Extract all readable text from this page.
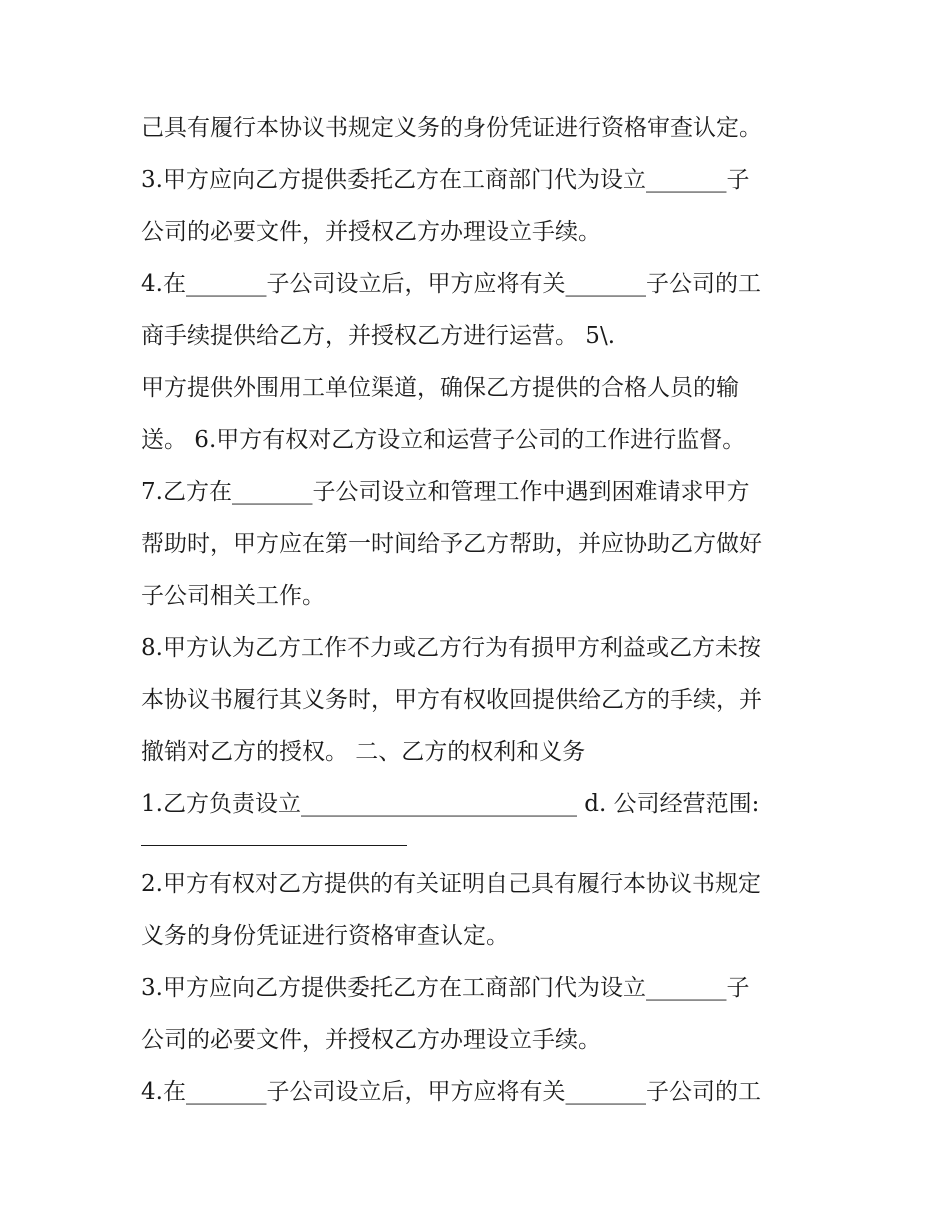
己具有履行本协议书规定义务的身份凭证进行资格审查认定。
3.甲方应向乙方提供委托乙方在工商部门代为设立_______子
公司的必要文件，并授权乙方办理设立手续。
4.在_______子公司设立后，甲方应将有关_______子公司的工
商手续提供给乙方，并授权乙方进行运营。 5\.
甲方提供外围用工单位渠道，确保乙方提供的合格人员的输
送。 6.甲方有权对乙方设立和运营子公司的工作进行监督。
7.乙方在_______子公司设立和管理工作中遇到困难请求甲方
帮助时，甲方应在第一时间给予乙方帮助，并应协助乙方做好
子公司相关工作。
8.甲方认为乙方工作不力或乙方行为有损甲方利益或乙方未按
本协议书履行其义务时，甲方有权收回提供给乙方的手续，并
撤销对乙方的授权。 二、乙方的权利和义务
1.乙方负责设立________________________ d. 公司经营范围:
2.甲方有权对乙方提供的有关证明自己具有履行本协议书规定
义务的身份凭证进行资格审查认定。
3.甲方应向乙方提供委托乙方在工商部门代为设立_______子
公司的必要文件，并授权乙方办理设立手续。
4.在_______子公司设立后，甲方应将有关_______子公司的工
